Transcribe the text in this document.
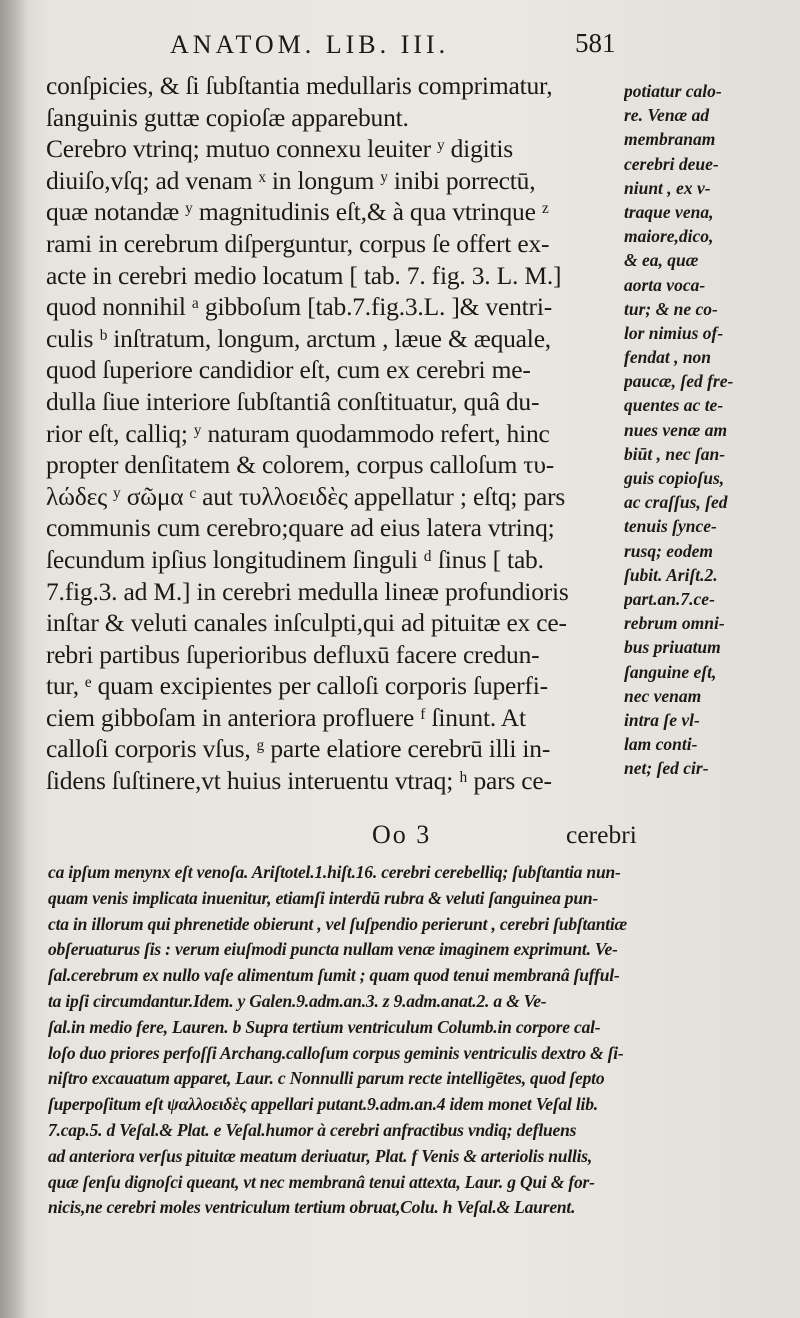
ANATOM. LIB. III.	581
conſpicies, & ſi ſubſtantia medullaris comprimatur,
ſanguinis guttæ copioſæ apparebunt.
Cerebro vtrinq; mutuo connexu leuiter ʸ digitis
diuiſo,vſq; ad venam ˣ in longum ʸ inibi porrectū,
quæ notandæ ʸ magnitudinis eſt,& à qua vtrinque ᶻ
rami in cerebrum diſperguntur, corpus ſe offert ex-
acte in cerebri medio locatum [ tab. 7. fig. 3. L. M.]
quod nonnihil ᵃ gibboſum [tab.7.fig.3.L. ]& ventri-
culis ᵇ inſtratum, longum, arctum , læue & æquale,
quod ſuperiore candidior eſt, cum ex cerebri me-
dulla ſiue interiore ſubſtantiâ conſtituatur, quâ du-
rior eſt, calliq; ʸ naturam quodammodo refert, hinc
propter denſitatem & colorem, corpus calloſum τυ-
λώδες ʸ σῶμα ᶜ aut τυλλοειδὲς appellatur ; eſtq; pars
communis cum cerebro;quare ad eius latera vtrinq;
ſecundum ipſius longitudinem ſinguli ᵈ ſinus [ tab.
7.fig.3. ad M.] in cerebri medulla lineæ profundioris
inſtar & veluti canales inſculpti,qui ad pituitæ ex ce-
rebri partibus ſuperioribus defluxū facere credun-
tur, ᵉ quam excipientes per calloſi corporis ſuperfi-
ciem gibboſam in anteriora profluere ᶠ ſinunt. At
calloſi corporis vſus, ᵍ parte elatiore cerebrū illi in-
ſidens ſuſtinere,vt huius interuentu vtraq; ʰ pars ce-
potiatur calo-
re. Venæ ad
membranam
cerebri deue-
niunt , ex v-
traque vena,
maiore,dico,
& ea, quæ
aorta voca-
tur; & ne co-
lor nimius of-
fendat , non
paucæ, ſed fre-
quentes ac te-
nues venæ am
biūt , nec ſan-
guis copioſus,
ac craſſus, ſed
tenuis ſynce-
rusq; eodem
ſubit. Ariſt.2.
part.an.7.ce-
rebrum omni-
bus priuatum
ſanguine eſt,
nec venam
intra ſe vl-
lam conti-
net; ſed cir-
Oo 3	cerebri
ca ipſum menynx eſt venoſa. Ariſtotel.1.hiſt.16. cerebri cerebelliq; ſubſtantia nun-
quam venis implicata inuenitur, etiamſi interdū rubra & veluti ſanguinea pun-
cta in illorum qui phrenetide obierunt , vel ſuſpendio perierunt , cerebri ſubſtantiæ
obſeruaturus ſis : verum eiuſmodi puncta nullam venæ imaginem exprimunt. Ve-
ſal.cerebrum ex nullo vaſe alimentum ſumit ; quam quod tenui membranâ ſufful-
ta ipſi circumdantur.Idem. y Galen.9.adm.an.3. z 9.adm.anat.2. a & Ve-
ſal.in medio fere, Lauren. b Supra tertium ventriculum Columb.in corpore cal-
loſo duo priores perfoſſi Archang.calloſum corpus geminis ventriculis dextro & ſi-
niſtro excauatum apparet, Laur. c Nonnulli parum recte intelligētes, quod ſepto
ſuperpoſitum eſt ψαλλοειδὲς appellari putant.9.adm.an.4 idem monet Veſal lib.
7.cap.5. d Veſal.& Plat. e Veſal.humor à cerebri anfractibus vndiq; defluens
ad anteriora verſus pituitæ meatum deriuatur, Plat. f Venis & arteriolis nullis,
quæ ſenſu dignoſci queant, vt nec membranâ tenui attexta, Laur. g Qui & for-
nicis,ne cerebri moles ventriculum tertium obruat,Colu. h Veſal.& Laurent.
